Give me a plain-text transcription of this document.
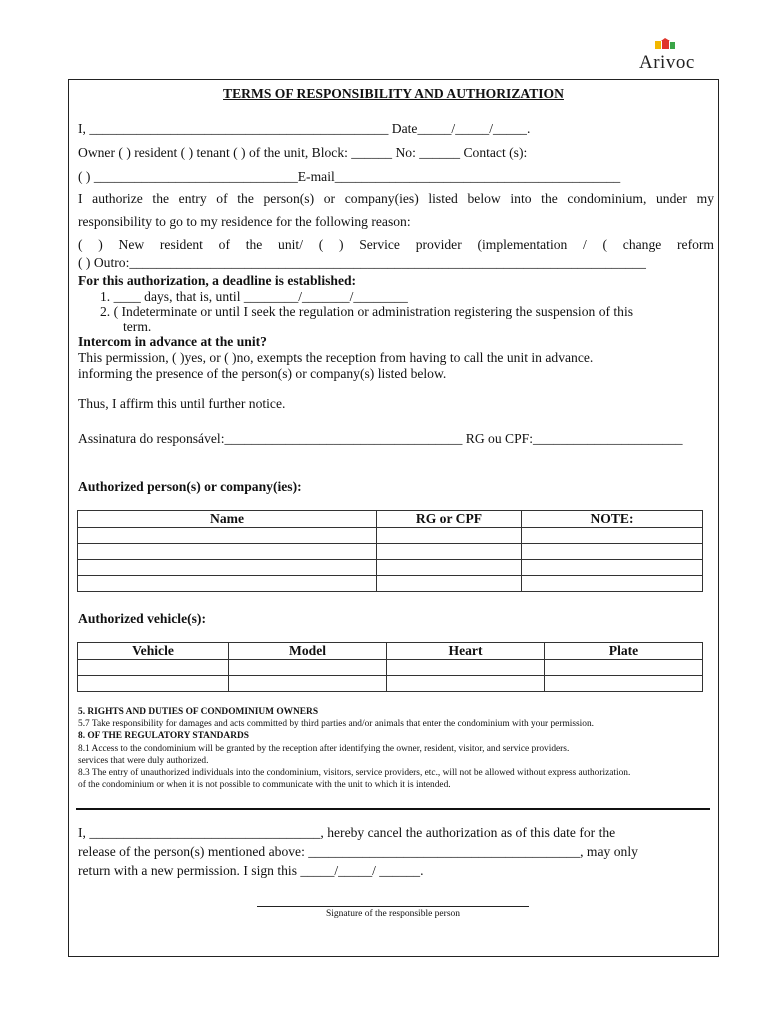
Arivoc
TERMS OF RESPONSIBILITY AND AUTHORIZATION
I, ____________________________________________ Date_____/_____/_____.
Owner ( ) resident ( ) tenant ( ) of the unit, Block: ______ No: ______ Contact (s):
( ) ______________________________E-mail__________________________________________
I authorize the entry of the person(s) or company(ies) listed below into the condominium, under my
responsibility to go to my residence for the following reason:
( ) New resident of the unit/ ( ) Service provider (implementation / ( change reform
( ) Outro:____________________________________________________________________________
For this authorization, a deadline is established:
1. ____ days, that is, until ________/_______/________
2. ( Indeterminate or until I seek the regulation or administration registering the suspension of this
term.
Intercom in advance at the unit?
This permission, ( )yes, or ( )no, exempts the reception from having to call the unit in advance.
informing the presence of the person(s) or company(s) listed below.
Thus, I affirm this until further notice.
Assinatura do responsável:___________________________________ RG ou CPF:______________________
Authorized person(s) or company(ies):
Name	RG or CPF	NOTE:

Authorized vehicle(s):
Vehicle	Model	Heart	Plate

5. RIGHTS AND DUTIES OF CONDOMINIUM OWNERS
5.7 Take responsibility for damages and acts committed by third parties and/or animals that enter the condominium with your permission.
8. OF THE REGULATORY STANDARDS
8.1 Access to the condominium will be granted by the reception after identifying the owner, resident, visitor, and service providers.
services that were duly authorized.
8.3 The entry of unauthorized individuals into the condominium, visitors, service providers, etc., will not be allowed without express authorization.
of the condominium or when it is not possible to communicate with the unit to which it is intended.
I, __________________________________, hereby cancel the authorization as of this date for the
release of the person(s) mentioned above: ________________________________________, may only
return with a new permission. I sign this _____/_____/ ______.
Signature of the responsible person
